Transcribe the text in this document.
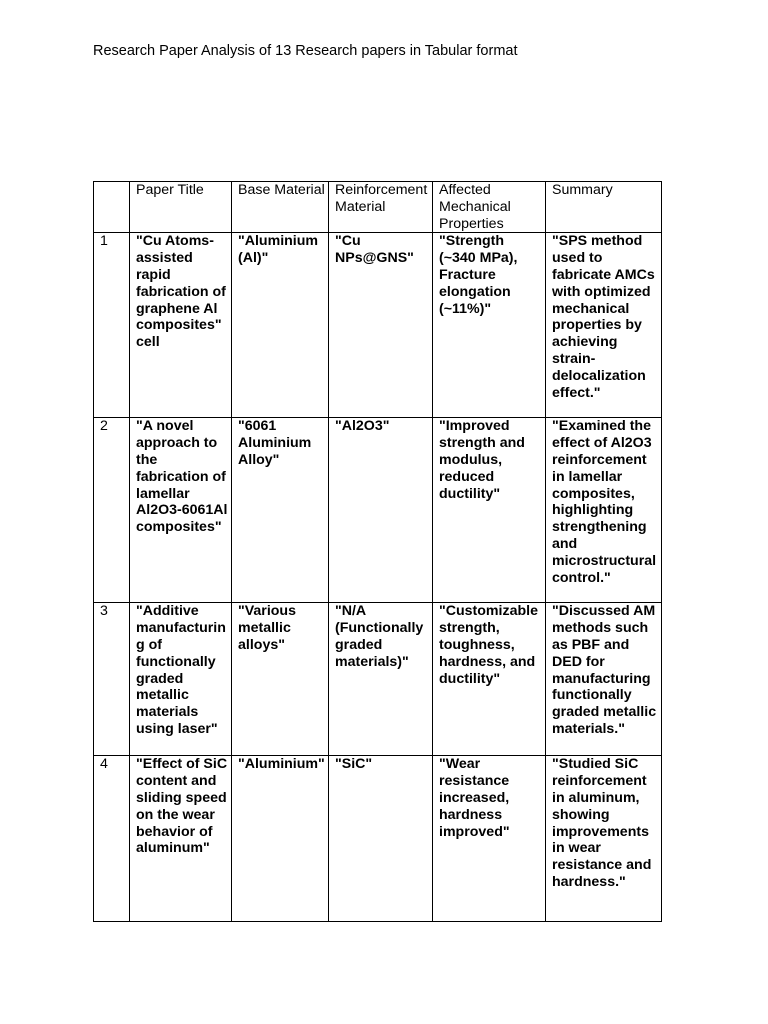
Research Paper Analysis of 13 Research papers in Tabular format

	Paper Title	Base Material	Reinforcement Material	Affected Mechanical Properties	Summary

1	"Cu Atoms-assisted rapid fabrication of graphene Al composites" cell	"Aluminium (Al)"	"Cu NPs@GNS"	"Strength (~340 MPa), Fracture elongation (~11%)"	"SPS method used to fabricate AMCs with optimized mechanical properties by achieving strain-delocalization effect."

2	"A novel approach to the fabrication of lamellar Al2O3-6061Al composites"	"6061 Aluminium Alloy"	"Al2O3"	"Improved strength and modulus, reduced ductility"	"Examined the effect of Al2O3 reinforcement in lamellar composites, highlighting strengthening and microstructural control."

3	"Additive manufacturing of functionally graded metallic materials using laser"	"Various metallic alloys"	"N/A (Functionally graded materials)"	"Customizable strength, toughness, hardness, and ductility"	"Discussed AM methods such as PBF and DED for manufacturing functionally graded metallic materials."

4	"Effect of SiC content and sliding speed on the wear behavior of aluminum"	"Aluminium"	"SiC"	"Wear resistance increased, hardness improved"	"Studied SiC reinforcement in aluminum, showing improvements in wear resistance and hardness."
